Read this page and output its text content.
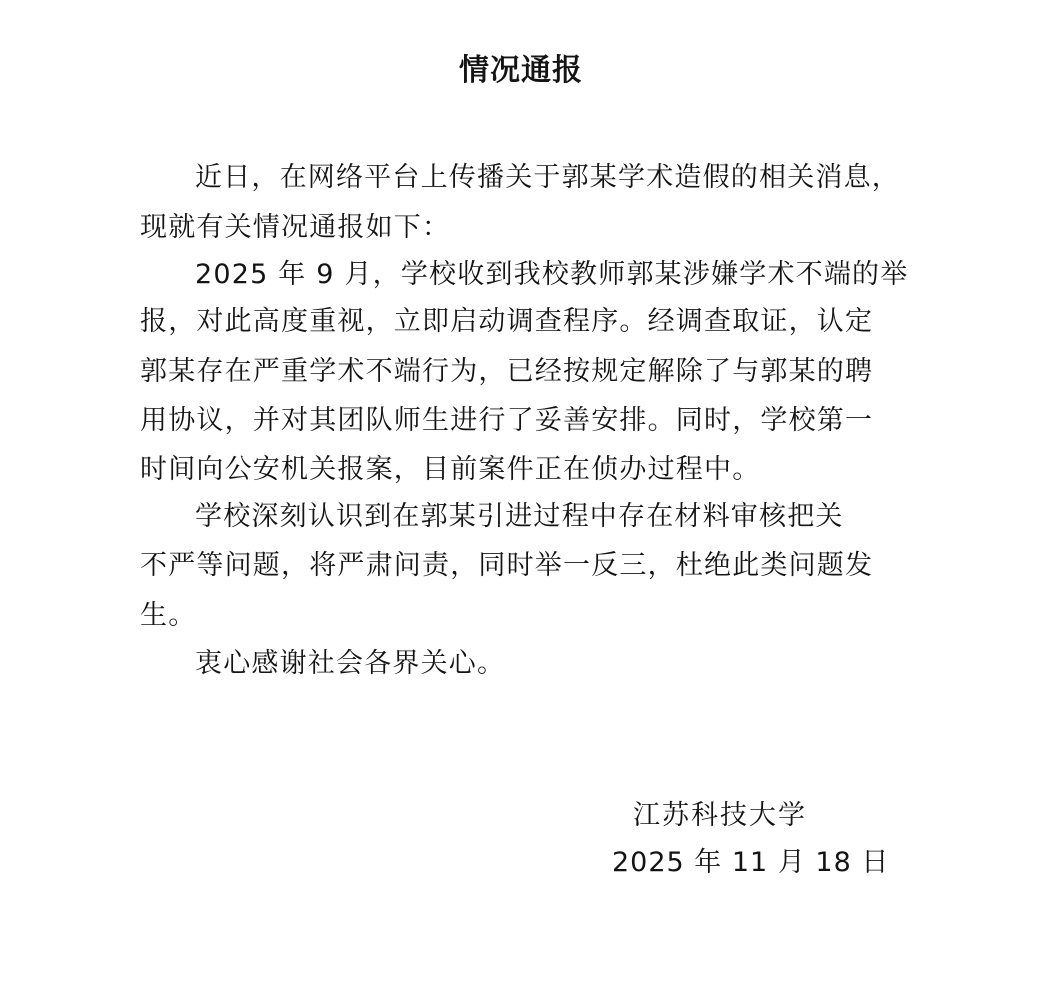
情况通报
近日，在网络平台上传播关于郭某学术造假的相关消息，
现就有关情况通报如下：
2025 年 9 月，学校收到我校教师郭某涉嫌学术不端的举
报，对此高度重视，立即启动调查程序。经调查取证，认定
郭某存在严重学术不端行为，已经按规定解除了与郭某的聘
用协议，并对其团队师生进行了妥善安排。同时，学校第一
时间向公安机关报案，目前案件正在侦办过程中。
学校深刻认识到在郭某引进过程中存在材料审核把关
不严等问题，将严肃问责，同时举一反三，杜绝此类问题发
生。
衷心感谢社会各界关心。
江苏科技大学
2025 年 11 月 18 日
